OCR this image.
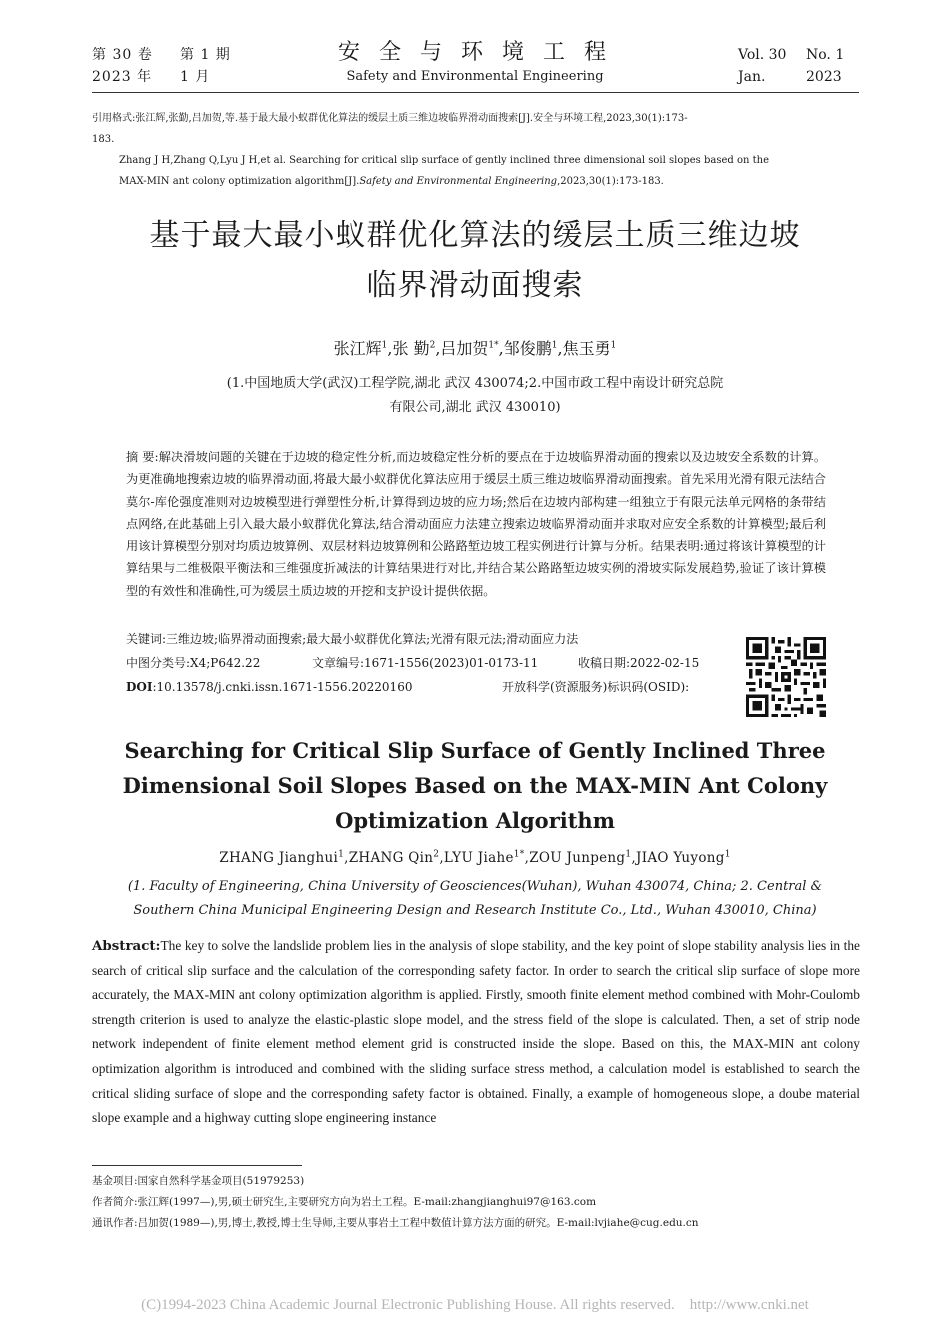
第 30 卷 第 1 期
2023 年 1 月
安 全 与 环 境 工 程
Safety and Environmental Engineering
Vol. 30 No. 1
Jan.	2023
引用格式:张江辉,张勤,吕加贺,等.基于最大最小蚁群优化算法的缓层土质三维边坡临界滑动面搜索[J].安全与环境工程,2023,30(1):173-
183.
Zhang J H,Zhang Q,Lyu J H,et al. Searching for critical slip surface of gently inclined three dimensional soil slopes based on the
MAX-MIN ant colony optimization algorithm[J].Safety and Environmental Engineering,2023,30(1):173-183.
基于最大最小蚁群优化算法的缓层土质三维边坡
临界滑动面搜索
张江辉$^1$,张 勤$^2$,吕加贺$^{1*}$,邹俊鹏$^1$,焦玉勇$^1$
(1.中国地质大学(武汉)工程学院,湖北 武汉 430074;2.中国市政工程中南设计研究总院
有限公司,湖北 武汉 430010)
摘 要:解决滑坡问题的关键在于边坡的稳定性分析,而边坡稳定性分析的要点在于边坡临界滑动面的搜索以及边坡安全系数的计算。为更准确地搜索边坡的临界滑动面,将最大最小蚁群优化算法应用于缓层土质三维边坡临界滑动面搜索。首先采用光滑有限元法结合莫尔-库伦强度准则对边坡模型进行弹塑性分析,计算得到边坡的应力场;然后在边坡内部构建一组独立于有限元法单元网格的条带结点网络,在此基础上引入最大最小蚁群优化算法,结合滑动面应力法建立搜索边坡临界滑动面并求取对应安全系数的计算模型;最后利用该计算模型分别对均质边坡算例、双层材料边坡算例和公路路堑边坡工程实例进行计算与分析。结果表明:通过将该计算模型的计算结果与二维极限平衡法和三维强度折减法的计算结果进行对比,并结合某公路路堑边坡实例的滑坡实际发展趋势,验证了该计算模型的有效性和准确性,可为缓层土质边坡的开挖和支护设计提供依据。
关键词:三维边坡;临界滑动面搜索;最大最小蚁群优化算法;光滑有限元法;滑动面应力法
中图分类号:X4;P642.22	文章编号:1671-1556(2023)01-0173-11	收稿日期:2022-02-15
DOI:10.13578/j.cnki.issn.1671-1556.20220160	开放科学(资源服务)标识码(OSID):
Searching for Critical Slip Surface of Gently Inclined Three
Dimensional Soil Slopes Based on the MAX-MIN Ant Colony
Optimization Algorithm
ZHANG Jianghui$^1$,ZHANG Qin$^2$,LYU Jiahe$^{1*}$,ZOU Junpeng$^1$,JIAO Yuyong$^1$
(1. Faculty of Engineering, China University of Geosciences(Wuhan), Wuhan 430074, China; 2. Central &
Southern China Municipal Engineering Design and Research Institute Co., Ltd., Wuhan 430010, China)
Abstract:The key to solve the landslide problem lies in the analysis of slope stability, and the key point of slope stability analysis lies in the search of critical slip surface and the calculation of the corresponding safety factor. In order to search the critical slip surface of slope more accurately, the MAX-MIN ant colony optimization algorithm is applied. Firstly, smooth finite element method combined with Mohr-Coulomb strength criterion is used to analyze the elastic-plastic slope model, and the stress field of the slope is calculated. Then, a set of strip node network independent of finite element method element grid is constructed inside the slope. Based on this, the MAX-MIN ant colony optimization algorithm is introduced and combined with the sliding surface stress method, a calculation model is established to search the critical sliding surface of slope and the corresponding safety factor is obtained. Finally, a example of homogeneous slope, a doube material slope example and a highway cutting slope engineering instance
基金项目:国家自然科学基金项目(51979253)
作者简介:张江辉(1997—),男,硕士研究生,主要研究方向为岩土工程。E-mail:zhangjianghui97@163.com
通讯作者:吕加贺(1989—),男,博士,教授,博士生导师,主要从事岩土工程中数值计算方法方面的研究。E-mail:lvjiahe@cug.edu.cn
(C)1994-2023 China Academic Journal Electronic Publishing House. All rights reserved.    http://www.cnki.net
